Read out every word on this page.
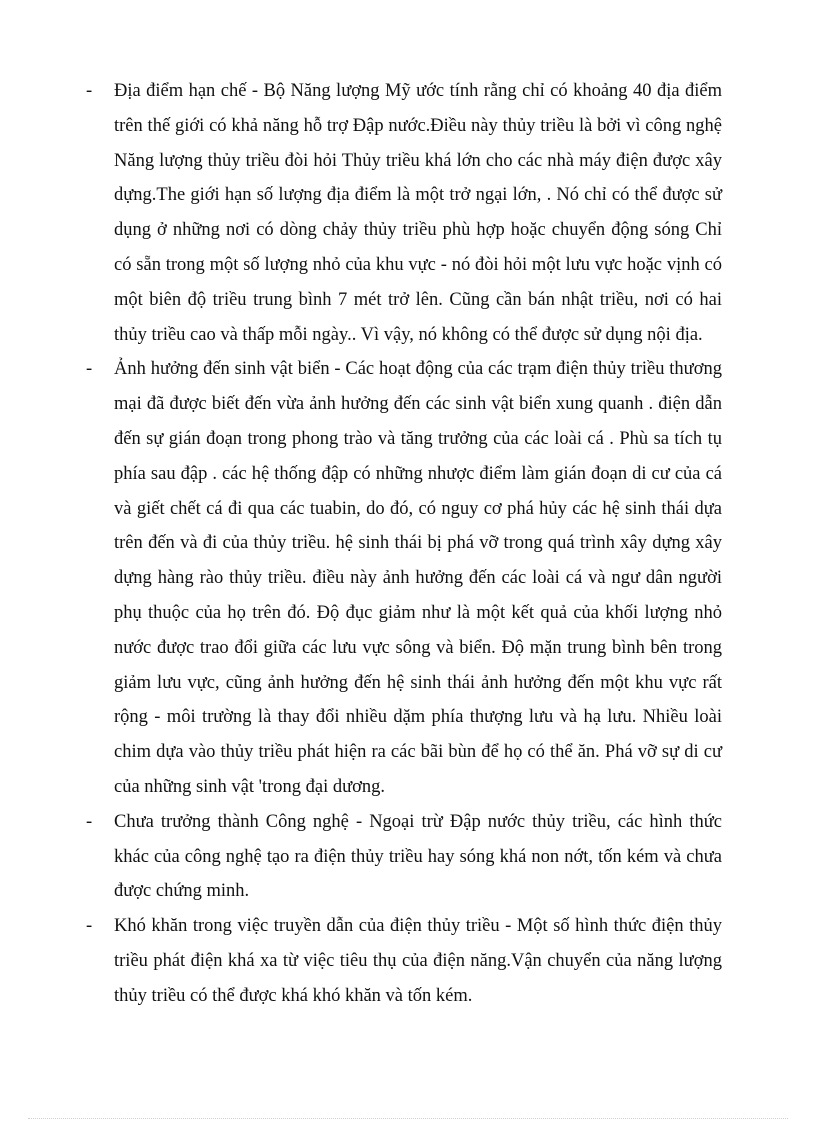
-	Địa điểm hạn chế - Bộ Năng lượng Mỹ ước tính rằng chỉ có khoảng 40 địa điểm trên thế giới có khả năng hỗ trợ Đập nước.Điều này thủy triều là bởi vì công nghệ Năng lượng thủy triều đòi hỏi Thủy triều khá lớn cho các nhà máy điện được xây dựng.The giới hạn số lượng địa điểm là một trở ngại lớn, . Nó chỉ có thể được sử dụng ở những nơi có dòng chảy thủy triều phù hợp hoặc chuyển động sóng Chỉ có sẵn trong một số lượng nhỏ của khu vực - nó đòi hỏi một lưu vực hoặc vịnh có một biên độ triều trung bình 7 mét trở lên. Cũng cần bán nhật triều, nơi có hai thủy triều cao và thấp mỗi ngày.. Vì vậy, nó không có thể được sử dụng nội địa.
-	Ảnh hưởng đến sinh vật biển - Các hoạt động của các trạm điện thủy triều thương mại đã được biết đến vừa ảnh hưởng đến các sinh vật biển xung quanh . điện dẫn đến sự gián đoạn trong phong trào và tăng trưởng của các loài cá . Phù sa tích tụ phía sau đập . các hệ thống đập có những nhược điểm làm gián đoạn di cư của cá và giết chết cá đi qua các tuabin, do đó, có nguy cơ phá hủy các hệ sinh thái dựa trên đến và đi của thủy triều. hệ sinh thái bị phá vỡ trong quá trình xây dựng xây dựng hàng rào thủy triều. điều này ảnh hưởng đến các loài cá và ngư dân người phụ thuộc của họ trên đó. Độ đục giảm như là một kết quả của khối lượng nhỏ nước được trao đổi giữa các lưu vực sông và biển. Độ mặn trung bình bên trong giảm lưu vực, cũng ảnh hưởng đến hệ sinh thái ảnh hưởng đến một khu vực rất rộng - môi trường là thay đổi nhiều dặm phía thượng lưu và hạ lưu. Nhiều loài chim dựa vào thủy triều phát hiện ra các bãi bùn để họ có thể ăn. Phá vỡ sự di cư của những sinh vật 'trong đại dương.
-	Chưa trưởng thành Công nghệ - Ngoại trừ Đập nước thủy triều, các hình thức khác của công nghệ tạo ra điện thủy triều hay sóng khá non nớt, tốn kém và chưa được chứng minh.
-	Khó khăn trong việc truyền dẫn của điện thủy triều - Một số hình thức điện thủy triều phát điện khá xa từ việc tiêu thụ của điện năng.Vận chuyển của năng lượng thủy triều có thể được khá khó khăn và tốn kém.
